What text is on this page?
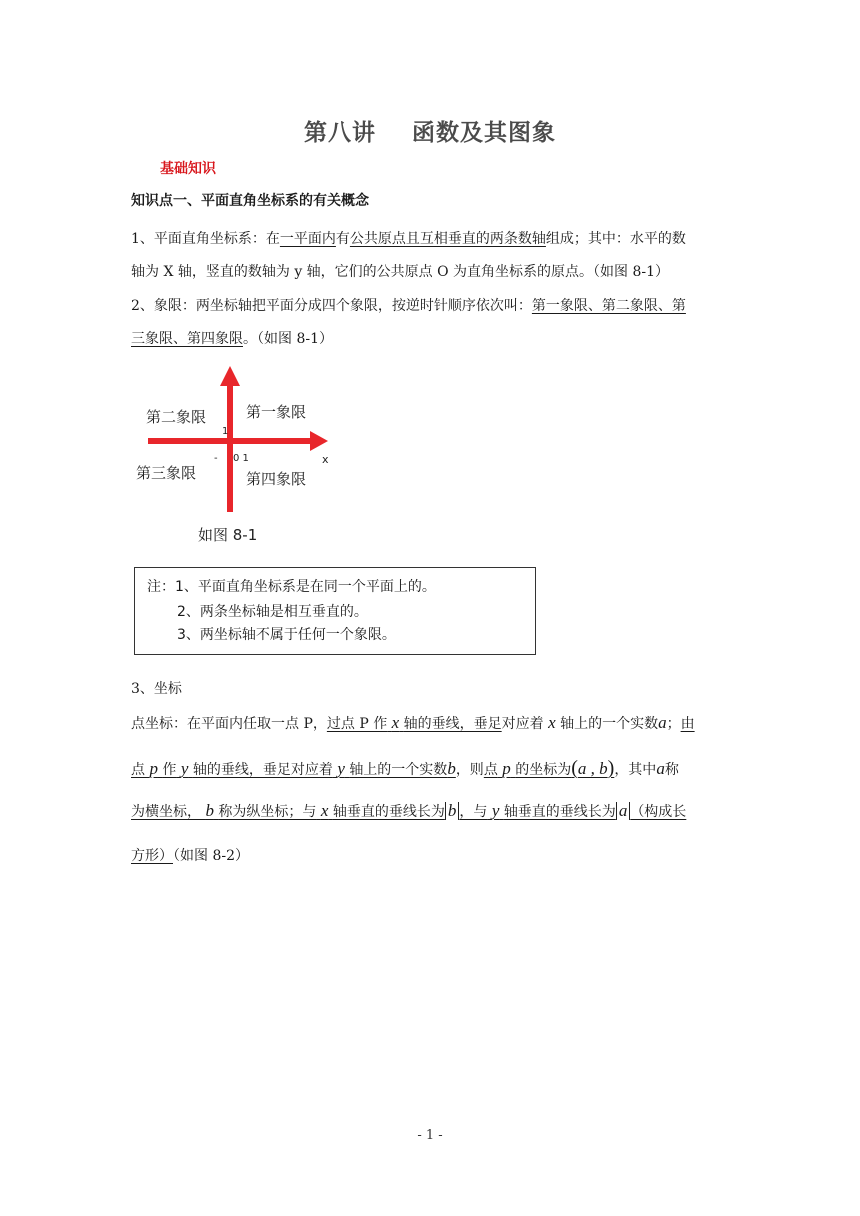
第八讲 函数及其图象
基础知识
知识点一、平面直角坐标系的有关概念
1、平面直角坐标系：在一平面内有公共原点且互相垂直的两条数轴组成；其中：水平的数
轴为 X 轴，竖直的数轴为 y 轴，它们的公共原点 O 为直角坐标系的原点。（如图 8-1）
2、象限：两坐标轴把平面分成四个象限，按逆时针顺序依次叫：第一象限、第二象限、第
三象限、第四象限。（如图 8-1）
第二象限	第一象限
第三象限	第四象限
x
1
0 1
-
如图 8-1
注：1、平面直角坐标系是在同一个平面上的。
2、两条坐标轴是相互垂直的。
3、两坐标轴不属于任何一个象限。
3、坐标
点坐标：在平面内任取一点 P，过点 P 作 x 轴的垂线，垂足对应着 x 轴上的一个实数a；由
点 p 作 y 轴的垂线，垂足对应着 y 轴上的一个实数b，则点 p 的坐标为(a , b)，其中a称
为横坐标， b 称为纵坐标；与 x 轴垂直的垂线长为 b ，与 y 轴垂直的垂线长为 a （构成长
方形）（如图 8-2）
- 1 -
